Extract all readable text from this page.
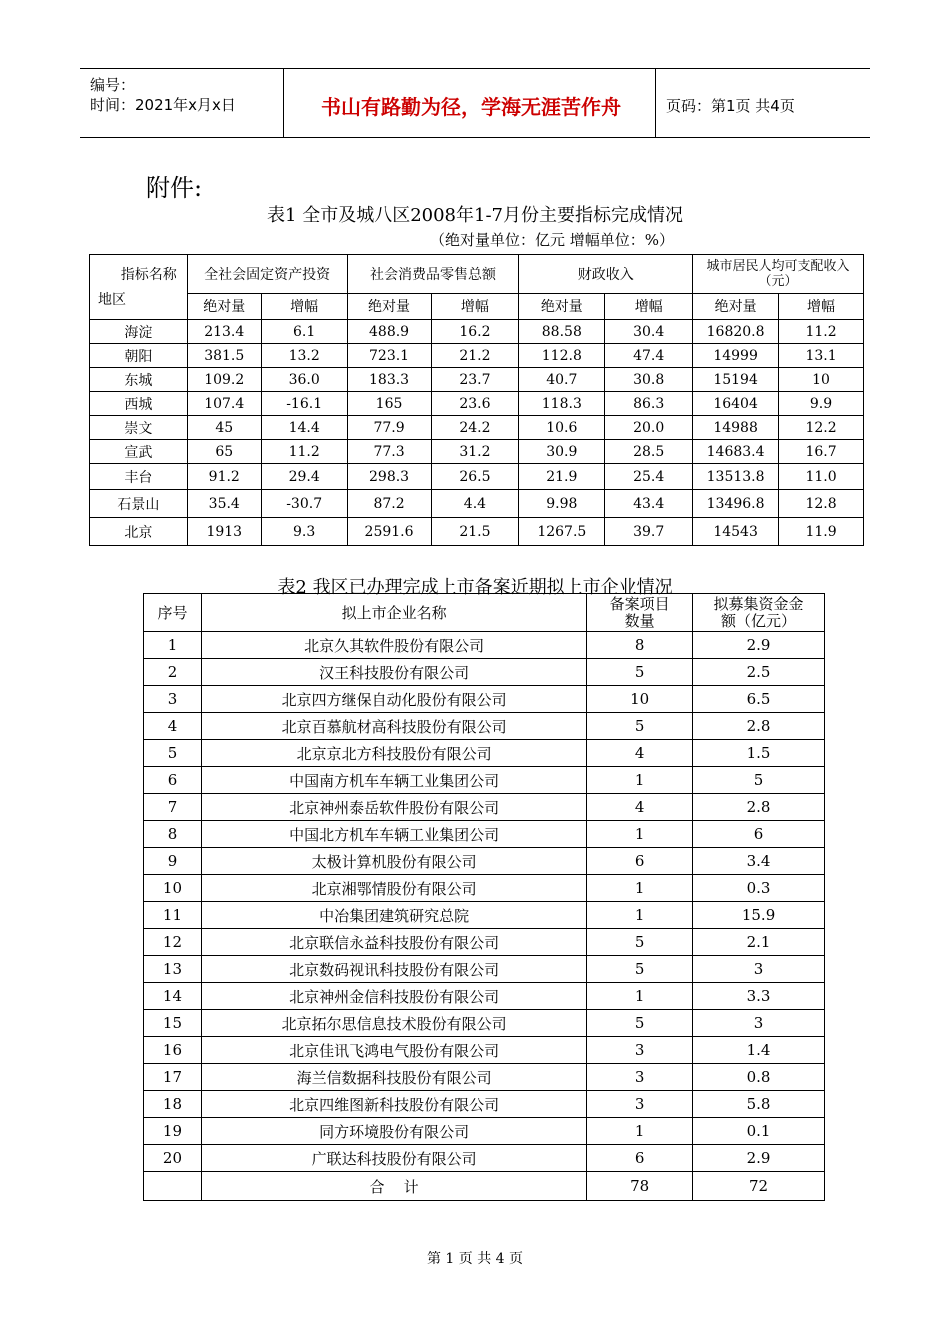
编号：
时间：2021年x月x日	书山有路勤为径，学海无涯苦作舟	页码：第1页 共4页
附件:
表1 全市及城八区2008年1-7月份主要指标完成情况
（绝对量单位：亿元 增幅单位：%）
指标名称
地区	全社会固定资产投资		社会消费品零售总额		财政收入		城市居民人均可支配收入（元）	
	绝对量	增幅	绝对量	增幅	绝对量	增幅	绝对量	增幅
海淀	213.4	6.1	488.9	16.2	88.58	30.4	16820.8	11.2
朝阳	381.5	13.2	723.1	21.2	112.8	47.4	14999	13.1
东城	109.2	36.0	183.3	23.7	40.7	30.8	15194	10
西城	107.4	-16.1	165	23.6	118.3	86.3	16404	9.9
崇文	45	14.4	77.9	24.2	10.6	20.0	14988	12.2
宣武	65	11.2	77.3	31.2	30.9	28.5	14683.4	16.7
丰台	91.2	29.4	298.3	26.5	21.9	25.4	13513.8	11.0
石景山	35.4	-30.7	87.2	4.4	9.98	43.4	13496.8	12.8
北京	1913	9.3	2591.6	21.5	1267.5	39.7	14543	11.9
表2 我区已办理完成上市备案近期拟上市企业情况
序号	拟上市企业名称	备案项目数量	拟募集资金金额（亿元）
1	北京久其软件股份有限公司	8	2.9
2	汉王科技股份有限公司	5	2.5
3	北京四方继保自动化股份有限公司	10	6.5
4	北京百慕航材高科技股份有限公司	5	2.8
5	北京京北方科技股份有限公司	4	1.5
6	中国南方机车车辆工业集团公司	1	5
7	北京神州泰岳软件股份有限公司	4	2.8
8	中国北方机车车辆工业集团公司	1	6
9	太极计算机股份有限公司	6	3.4
10	北京湘鄂情股份有限公司	1	0.3
11	中冶集团建筑研究总院	1	15.9
12	北京联信永益科技股份有限公司	5	2.1
13	北京数码视讯科技股份有限公司	5	3
14	北京神州金信科技股份有限公司	1	3.3
15	北京拓尔思信息技术股份有限公司	5	3
16	北京佳讯飞鸿电气股份有限公司	3	1.4
17	海兰信数据科技股份有限公司	3	0.8
18	北京四维图新科技股份有限公司	3	5.8
19	同方环境股份有限公司	1	0.1
20	广联达科技股份有限公司	6	2.9
	合    计	78	72
第 1 页 共 4 页
